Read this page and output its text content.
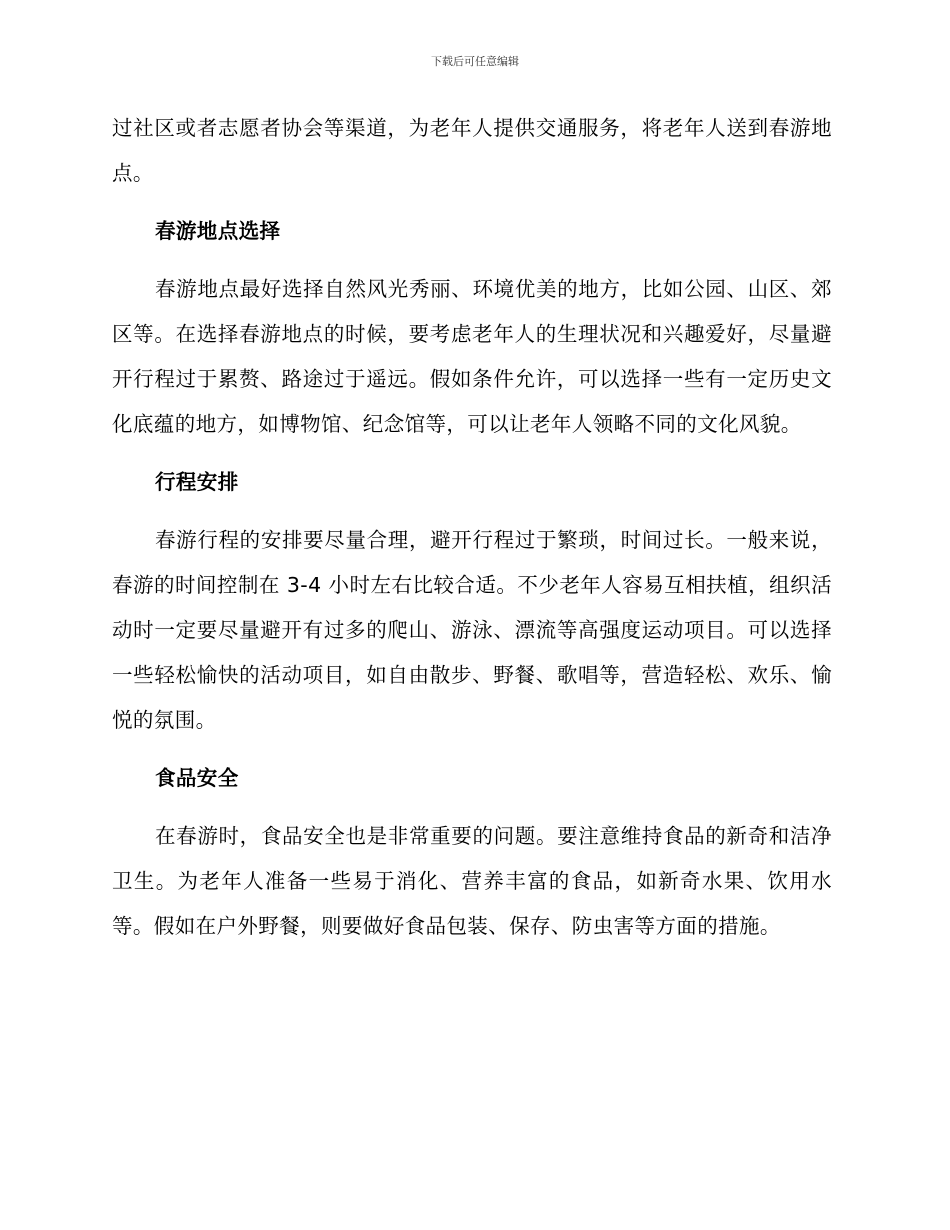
下载后可任意编辑

过社区或者志愿者协会等渠道，为老年人提供交通服务，将老年人送到春游地点。

春游地点选择

春游地点最好选择自然风光秀丽、环境优美的地方，比如公园、山区、郊区等。在选择春游地点的时候，要考虑老年人的生理状况和兴趣爱好，尽量避开行程过于累赘、路途过于遥远。假如条件允许，可以选择一些有一定历史文化底蕴的地方，如博物馆、纪念馆等，可以让老年人领略不同的文化风貌。

行程安排

春游行程的安排要尽量合理，避开行程过于繁琐，时间过长。一般来说，春游的时间控制在 3-4 小时左右比较合适。不少老年人容易互相扶植，组织活动时一定要尽量避开有过多的爬山、游泳、漂流等高强度运动项目。可以选择一些轻松愉快的活动项目，如自由散步、野餐、歌唱等，营造轻松、欢乐、愉悦的氛围。

食品安全

在春游时，食品安全也是非常重要的问题。要注意维持食品的新奇和洁净卫生。为老年人准备一些易于消化、营养丰富的食品，如新奇水果、饮用水等。假如在户外野餐，则要做好食品包装、保存、防虫害等方面的措施。
